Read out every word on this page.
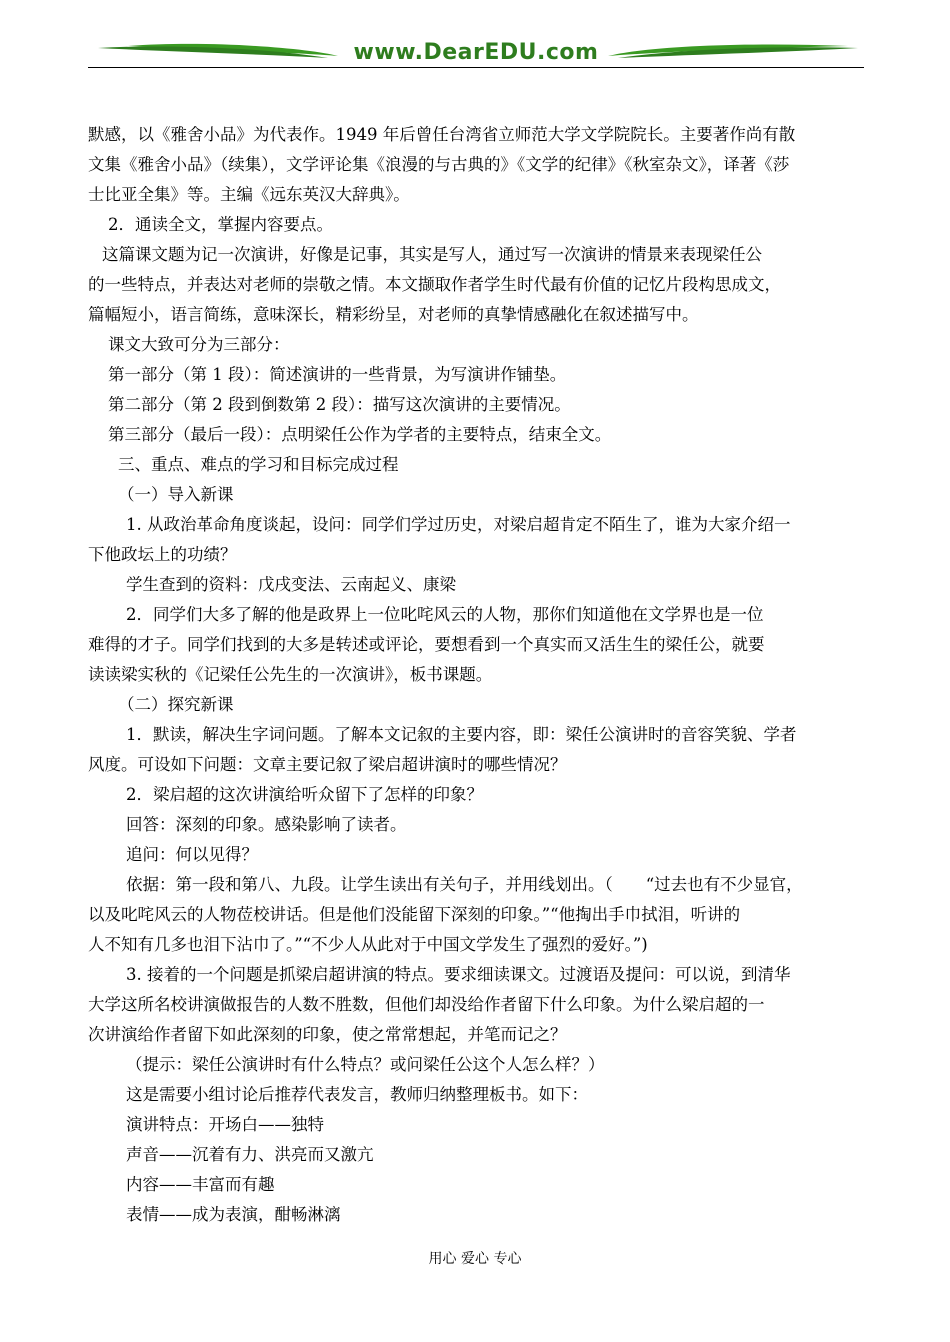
www.DearEDU.com
默感，以《雅舍小品》为代表作。1949 年后曾任台湾省立师范大学文学院院长。主要著作尚有散
文集《雅舍小品》（续集），文学评论集《浪漫的与古典的》《文学的纪律》《秋室杂文》，译著《莎
士比亚全集》等。主编《远东英汉大辞典》。
2．通读全文，掌握内容要点。
这篇课文题为记一次演讲，好像是记事，其实是写人，通过写一次演讲的情景来表现梁任公
的一些特点，并表达对老师的崇敬之情。本文撷取作者学生时代最有价值的记忆片段构思成文，
篇幅短小，语言简练，意味深长，精彩纷呈，对老师的真挚情感融化在叙述描写中。
课文大致可分为三部分：
第一部分（第 1 段）：简述演讲的一些背景，为写演讲作铺垫。
第二部分（第 2 段到倒数第 2 段）：描写这次演讲的主要情况。
第三部分（最后一段）：点明梁任公作为学者的主要特点，结束全文。
三、重点、难点的学习和目标完成过程
（一）导入新课
1. 从政治革命角度谈起，设问：同学们学过历史，对梁启超肯定不陌生了，谁为大家介绍一
下他政坛上的功绩？
学生查到的资料：戊戌变法、云南起义、康梁
2．同学们大多了解的他是政界上一位叱咤风云的人物，那你们知道他在文学界也是一位
难得的才子。同学们找到的大多是转述或评论，要想看到一个真实而又活生生的梁任公，就要
读读梁实秋的《记梁任公先生的一次演讲》，板书课题。
（二）探究新课
1．默读，解决生字词问题。了解本文记叙的主要内容，即：梁任公演讲时的音容笑貌、学者
风度。可设如下问题：文章主要记叙了梁启超讲演时的哪些情况？
2．梁启超的这次讲演给听众留下了怎样的印象？
回答：深刻的印象。感染影响了读者。
追问：何以见得？
依据：第一段和第八、九段。让学生读出有关句子，并用线划出。（　　“过去也有不少显官，
以及叱咤风云的人物莅校讲话。但是他们没能留下深刻的印象。”“他掏出手巾拭泪，听讲的
人不知有几多也泪下沾巾了。”“不少人从此对于中国文学发生了强烈的爱好。”)
3. 接着的一个问题是抓梁启超讲演的特点。要求细读课文。过渡语及提问：可以说，到清华
大学这所名校讲演做报告的人数不胜数，但他们却没给作者留下什么印象。为什么梁启超的一
次讲演给作者留下如此深刻的印象，使之常常想起，并笔而记之？
（提示：梁任公演讲时有什么特点？或问梁任公这个人怎么样？）
这是需要小组讨论后推荐代表发言，教师归纳整理板书。如下：
演讲特点：开场白——独特
声音——沉着有力、洪亮而又激亢
内容——丰富而有趣
表情——成为表演，酣畅淋漓
用心 爱心 专心
